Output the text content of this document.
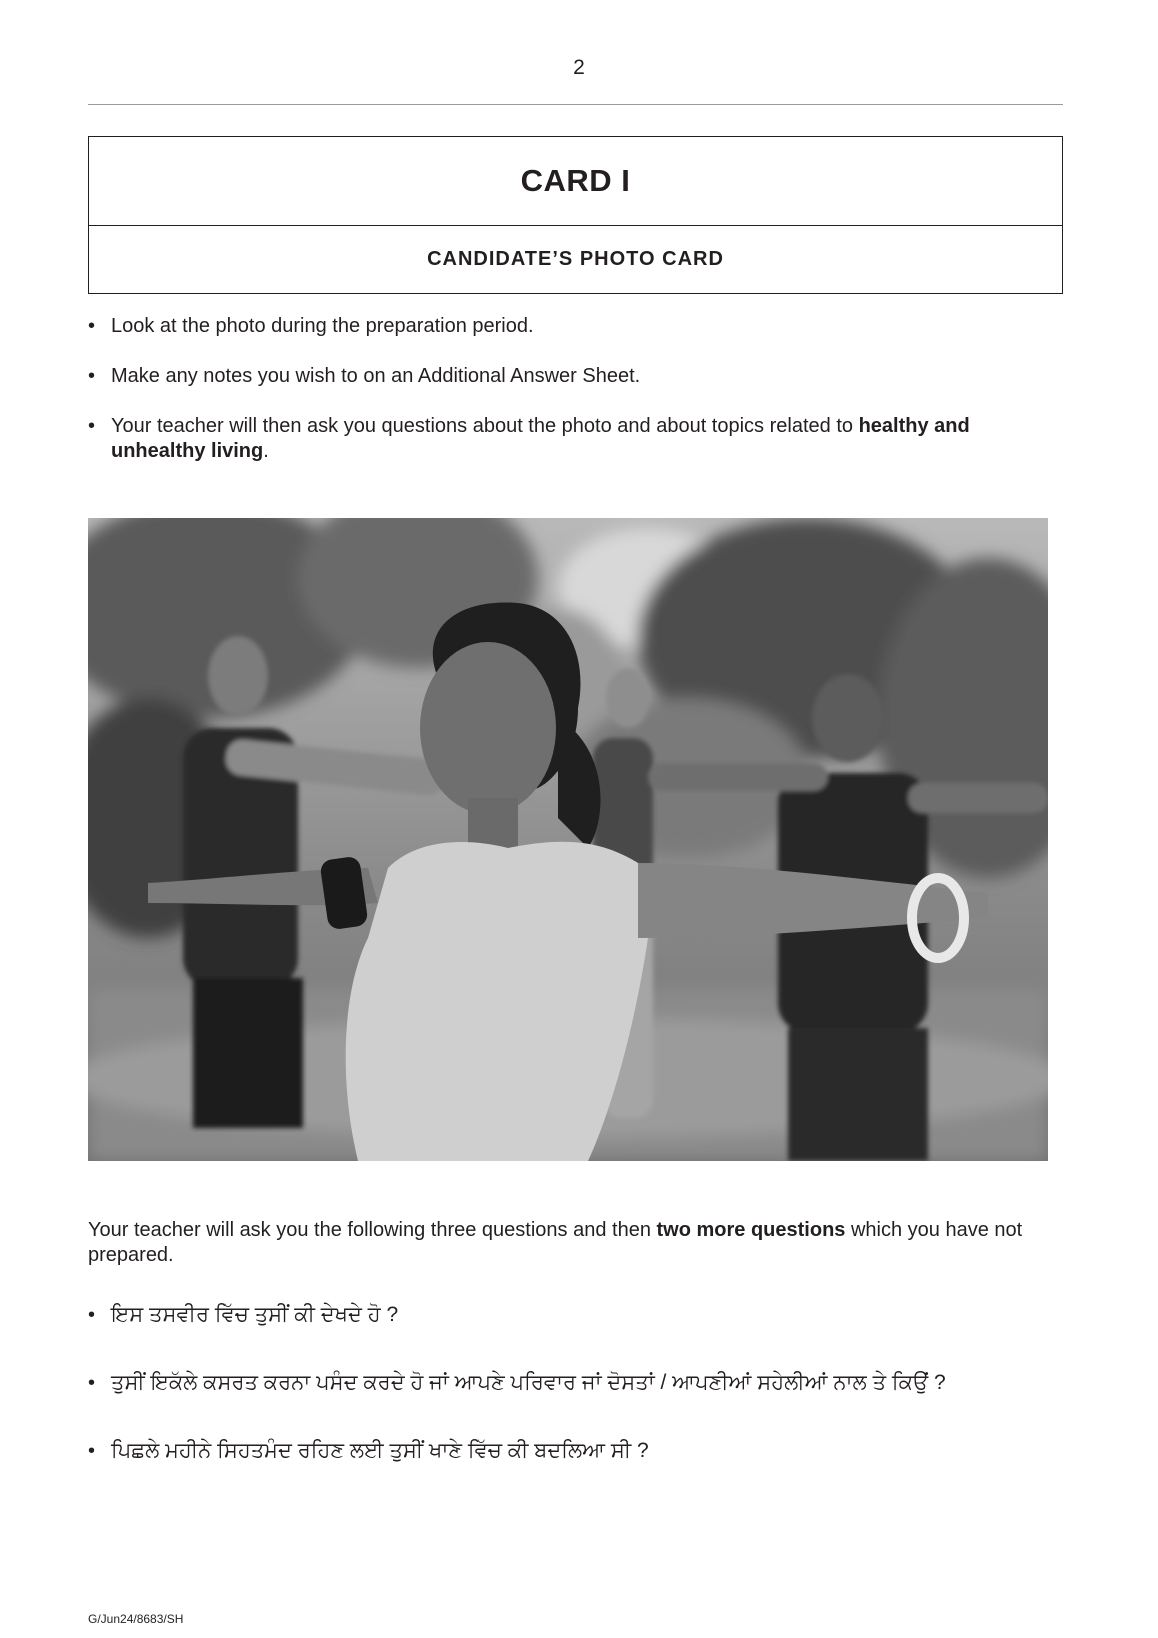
2
CARD I
CANDIDATE’S PHOTO CARD
• Look at the photo during the preparation period.
• Make any notes you wish to on an Additional Answer Sheet.
• Your teacher will then ask you questions about the photo and about topics related to healthy and unhealthy living.

Your teacher will ask you the following three questions and then two more questions which you have not prepared.

• ਇਸ ਤਸਵੀਰ ਵਿੱਚ ਤੁਸੀਂ ਕੀ ਦੇਖਦੇ ਹੋ ?
• ਤੁਸੀਂ ਇਕੱਲੇ ਕਸਰਤ ਕਰਨਾ ਪਸੰਦ ਕਰਦੇ ਹੋ ਜਾਂ ਆਪਣੇ ਪਰਿਵਾਰ ਜਾਂ ਦੋਸਤਾਂ / ਆਪਣੀਆਂ ਸਹੇਲੀਆਂ ਨਾਲ ਤੇ ਕਿਉਂ ?
• ਪਿਛਲੇ ਮਹੀਨੇ ਸਿਹਤਮੰਦ ਰਹਿਣ ਲਈ ਤੁਸੀਂ ਖਾਣੇ ਵਿੱਚ ਕੀ ਬਦਲਿਆ ਸੀ ?
G/Jun24/8683/SH
